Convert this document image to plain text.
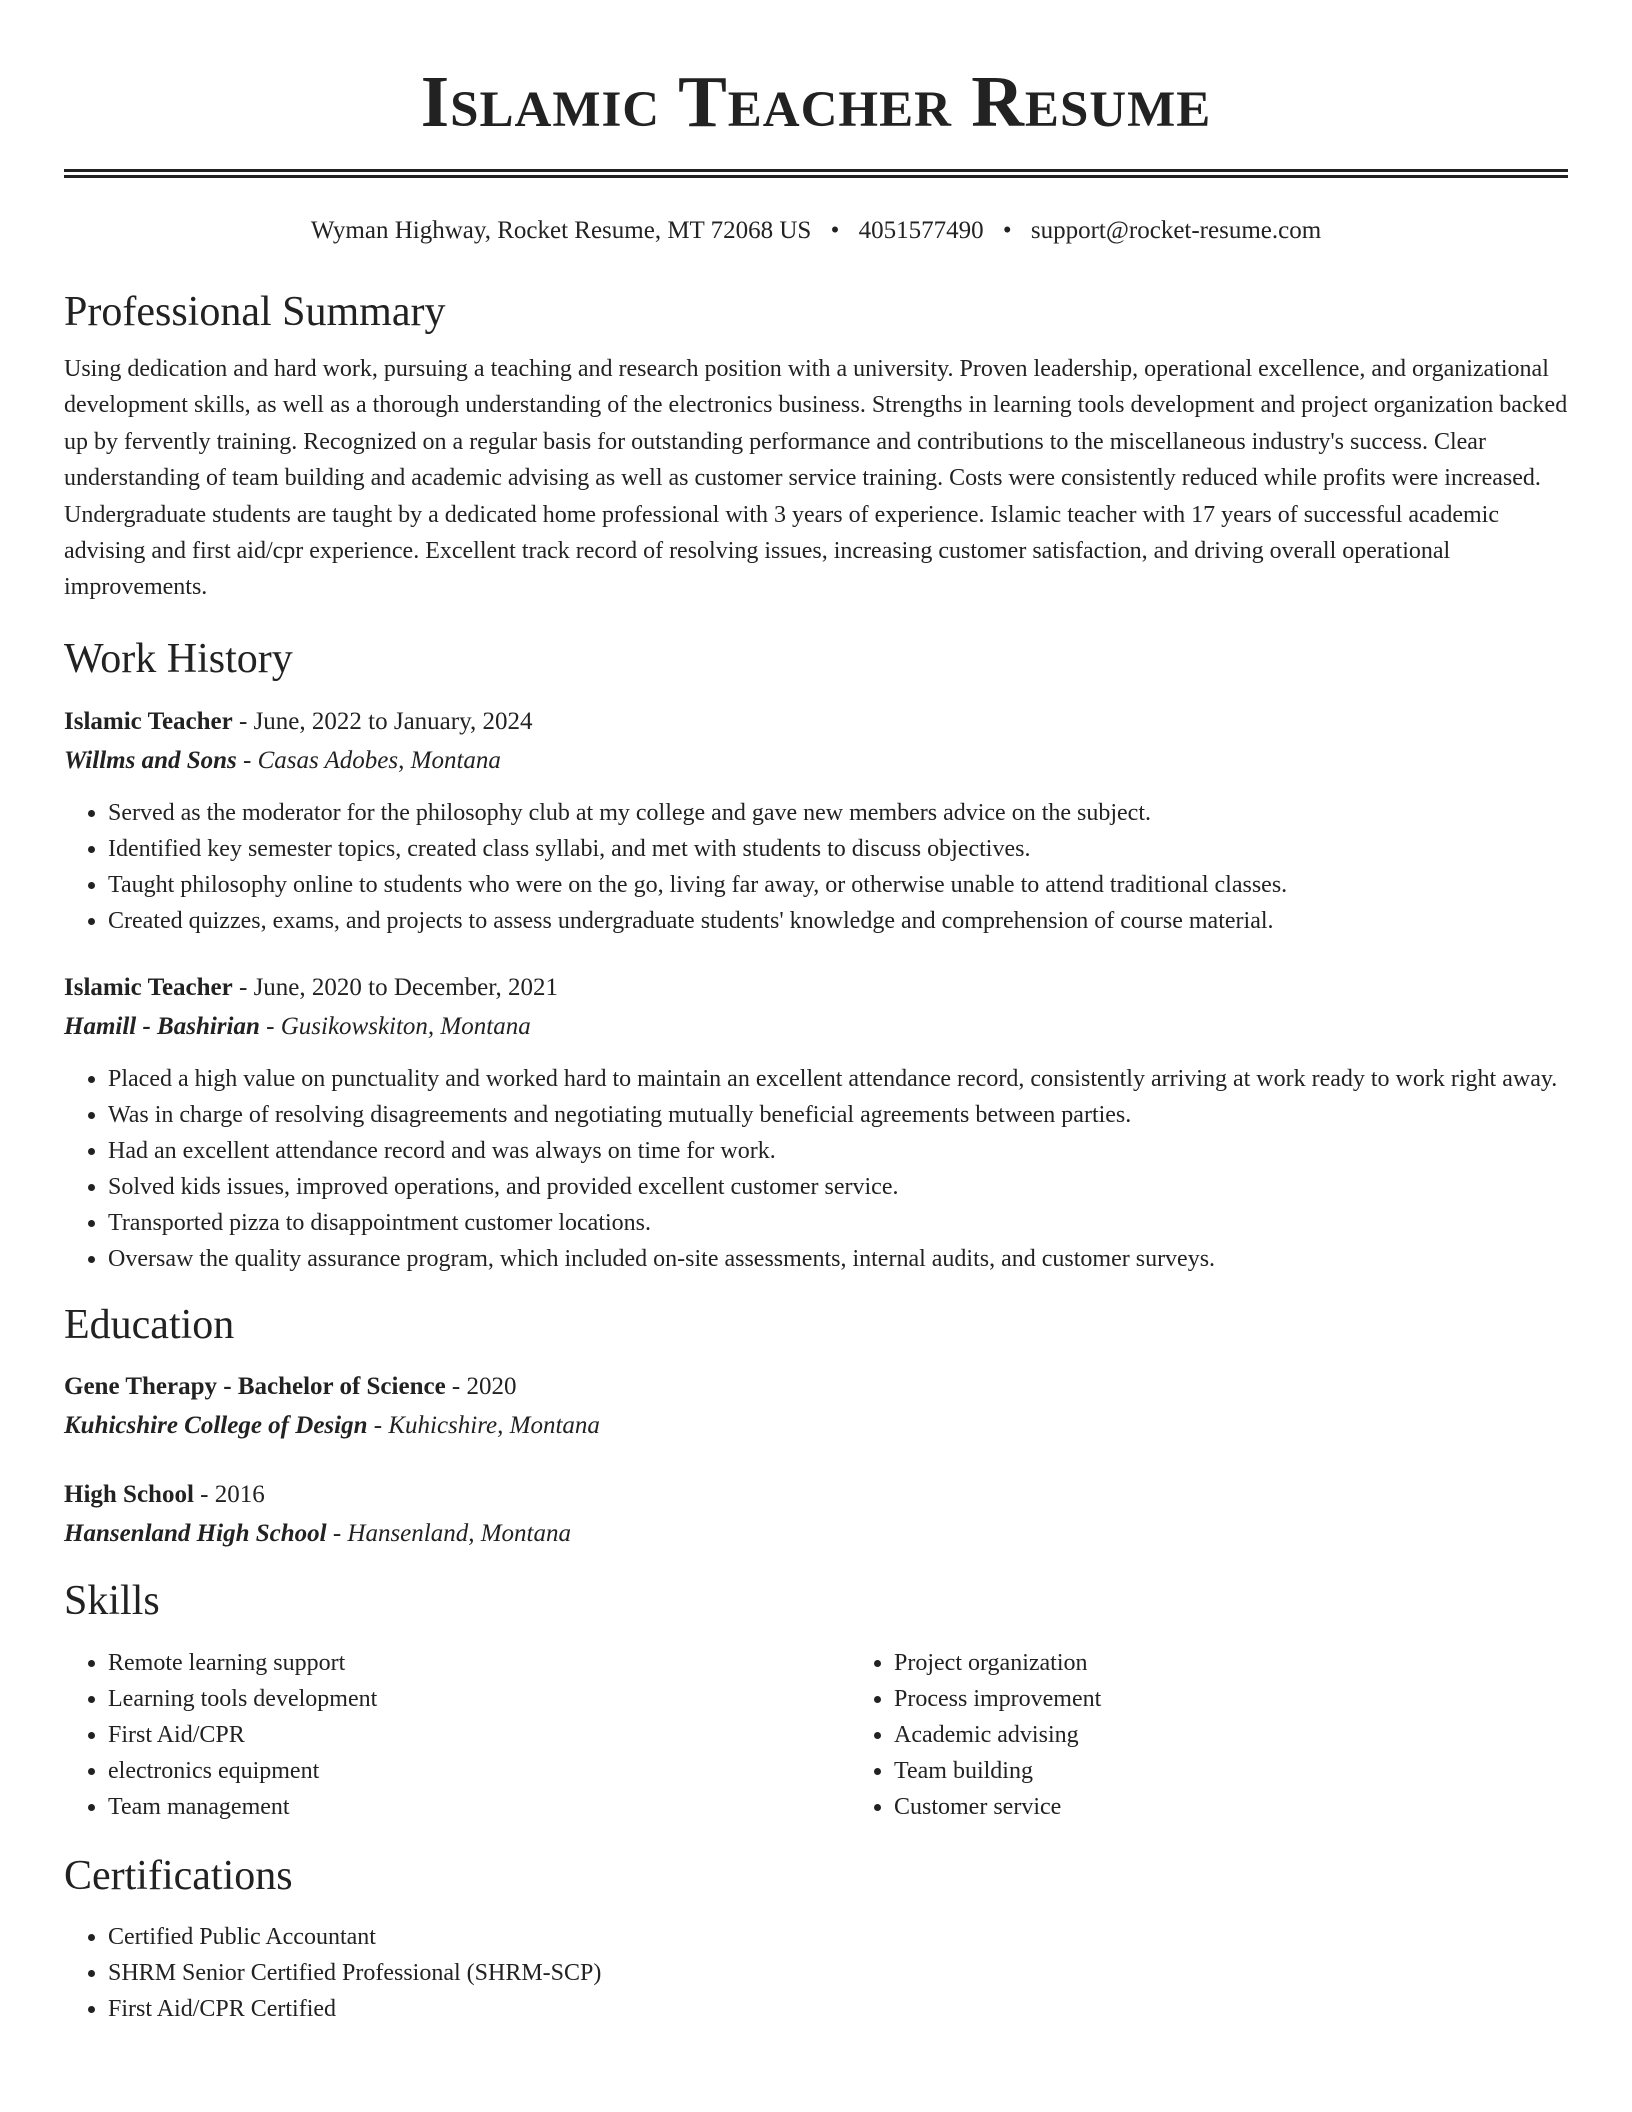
Islamic Teacher Resume
Wyman Highway, Rocket Resume, MT 72068 US • 4051577490 • support@rocket-resume.com
Professional Summary

Using dedication and hard work, pursuing a teaching and research position with a university. Proven leadership, operational excellence, and organizational development skills, as well as a thorough understanding of the electronics business. Strengths in learning tools development and project organization backed up by fervently training. Recognized on a regular basis for outstanding performance and contributions to the miscellaneous industry's success. Clear understanding of team building and academic advising as well as customer service training. Costs were consistently reduced while profits were increased. Undergraduate students are taught by a dedicated home professional with 3 years of experience. Islamic teacher with 17 years of successful academic advising and first aid/cpr experience. Excellent track record of resolving issues, increasing customer satisfaction, and driving overall operational improvements.

Work History
Islamic Teacher - June, 2022 to January, 2024
Willms and Sons - Casas Adobes, Montana
• Served as the moderator for the philosophy club at my college and gave new members advice on the subject.
• Identified key semester topics, created class syllabi, and met with students to discuss objectives.
• Taught philosophy online to students who were on the go, living far away, or otherwise unable to attend traditional classes.
• Created quizzes, exams, and projects to assess undergraduate students' knowledge and comprehension of course material.
Islamic Teacher - June, 2020 to December, 2021
Hamill - Bashirian - Gusikowskiton, Montana
• Placed a high value on punctuality and worked hard to maintain an excellent attendance record, consistently arriving at work ready to work right away.
• Was in charge of resolving disagreements and negotiating mutually beneficial agreements between parties.
• Had an excellent attendance record and was always on time for work.
• Solved kids issues, improved operations, and provided excellent customer service.
• Transported pizza to disappointment customer locations.
• Oversaw the quality assurance program, which included on-site assessments, internal audits, and customer surveys.
Education
Gene Therapy - Bachelor of Science - 2020
Kuhicshire College of Design - Kuhicshire, Montana
High School - 2016
Hansenland High School - Hansenland, Montana
Skills
• Remote learning support
• Learning tools development
• First Aid/CPR
• electronics equipment
• Team management
• Project organization
• Process improvement
• Academic advising
• Team building
• Customer service
Certifications
• Certified Public Accountant
• SHRM Senior Certified Professional (SHRM-SCP)
• First Aid/CPR Certified
